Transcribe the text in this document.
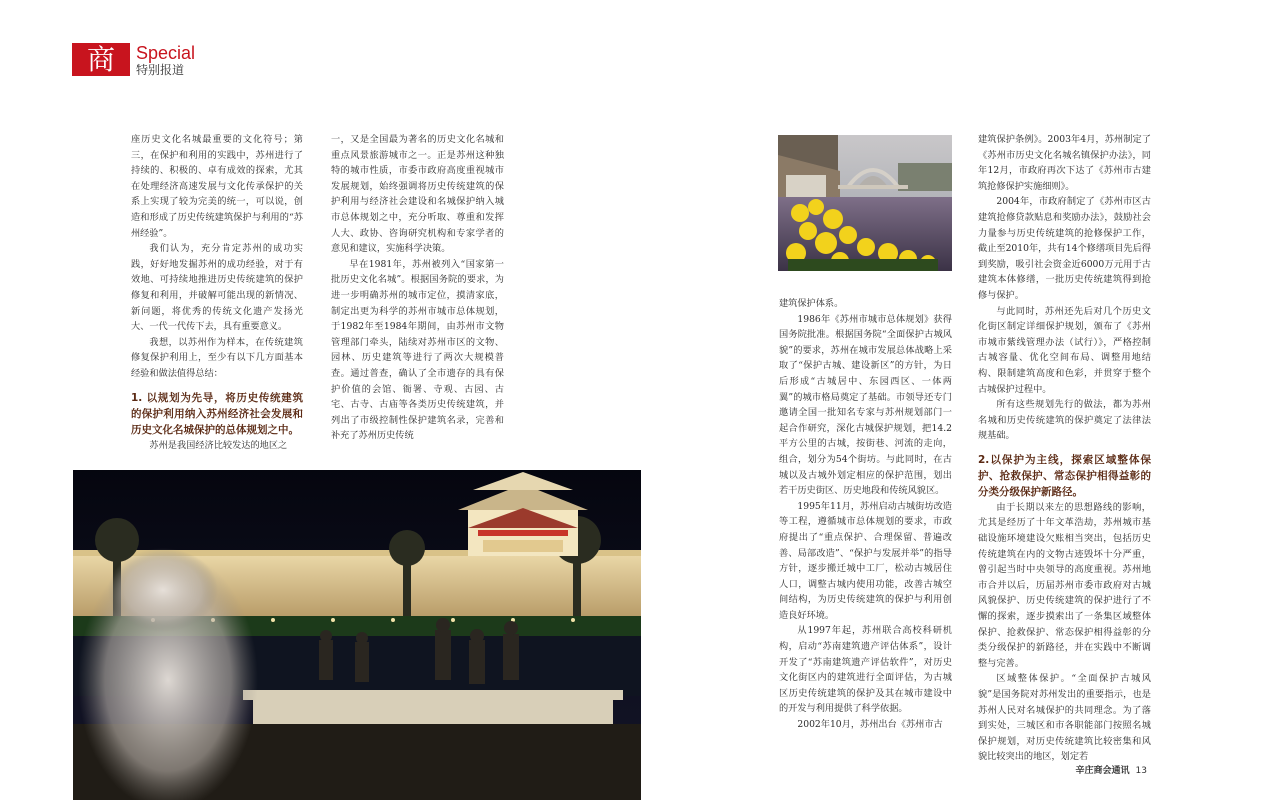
商 Special
特别报道

座历史文化名城最重要的文化符号；第三，在保护和利用的实践中，苏州进行了持续的、积极的、卓有成效的探索，尤其在处理经济高速发展与文化传承保护的关系上实现了较为完美的统一，可以说，创造和形成了历史传统建筑保护与利用的“苏州经验”。

我们认为，充分肯定苏州的成功实践，好好地发掘苏州的成功经验，对于有效地、可持续地推进历史传统建筑的保护修复和利用，并破解可能出现的新情况、新问题，将优秀的传统文化遗产发扬光大、一代一代传下去，具有重要意义。

我想，以苏州作为样本，在传统建筑修复保护利用上，至少有以下几方面基本经验和做法值得总结：

1. 以规划为先导，将历史传统建筑的保护利用纳入苏州经济社会发展和历史文化名城保护的总体规划之中。

苏州是我国经济比较发达的地区之

一，又是全国最为著名的历史文化名城和重点风景旅游城市之一。正是苏州这种独特的城市性质，市委市政府高度重视城市发展规划，始终强调将历史传统建筑的保护利用与经济社会建设和名城保护纳入城市总体规划之中，充分听取、尊重和发挥人大、政协、咨询研究机构和专家学者的意见和建议，实施科学决策。

早在1981年，苏州被列入“国家第一批历史文化名城”。根据国务院的要求，为进一步明确苏州的城市定位，摸清家底，制定出更为科学的苏州市城市总体规划，于1982年至1984年期间，由苏州市文物管理部门牵头，陆续对苏州市区的文物、园林、历史建筑等进行了两次大规模普查。通过普查，确认了全市遗存的具有保护价值的会馆、衙署、寺观、古园、古宅、古寺、古庙等各类历史传统建筑，并列出了市级控制性保护建筑名录，完善和补充了苏州历史传统

建筑保护体系。

1986年《苏州市城市总体规划》获得国务院批准。根据国务院“全面保护古城风貌”的要求，苏州在城市发展总体战略上采取了“保护古城、建设新区”的方针，为日后形成“古城居中、东园西区、一体两翼”的城市格局奠定了基础。市领导还专门邀请全国一批知名专家与苏州规划部门一起合作研究，深化古城保护规划，把14.2平方公里的古城，按街巷、河流的走向，组合，划分为54个街坊。与此同时，在古城以及古城外划定相应的保护范围，划出若干历史街区、历史地段和传统风貌区。

1995年11月，苏州启动古城街坊改造等工程，遵循城市总体规划的要求，市政府提出了“重点保护、合理保留、普遍改善、局部改造”、“保护与发展并举”的指导方针，逐步搬迁城中工厂，松动古城居住人口，调整古城内使用功能，改善古城空间结构，为历史传统建筑的保护与利用创造良好环境。

从1997年起，苏州联合高校科研机构，启动“苏南建筑遗产评估体系”，设计开发了“苏南建筑遗产评估软件”，对历史文化街区内的建筑进行全面评估，为古城区历史传统建筑的保护及其在城市建设中的开发与利用提供了科学依据。

2002年10月，苏州出台《苏州市古

建筑保护条例》。2003年4月，苏州制定了《苏州市历史文化名城名镇保护办法》，同年12月，市政府再次下达了《苏州市古建筑抢修保护实施细则》。

2004年，市政府制定了《苏州市区古建筑抢修贷款贴息和奖励办法》，鼓励社会力量参与历史传统建筑的抢修保护工作，截止至2010年，共有14个修缮项目先后得到奖励，吸引社会资金近6000万元用于古建筑本体修缮，一批历史传统建筑得到抢修与保护。

与此同时，苏州还先后对几个历史文化街区制定详细保护规划，颁布了《苏州市城市紫线管理办法（试行）》，严格控制古城容量、优化空间布局、调整用地结构、限制建筑高度和色彩，并贯穿于整个古城保护过程中。

所有这些规划先行的做法，都为苏州名城和历史传统建筑的保护奠定了法律法规基础。

2.以保护为主线，探索区域整体保护、抢救保护、常态保护相得益彰的分类分级保护新路径。

由于长期以来左的思想路线的影响，尤其是经历了十年文革浩劫，苏州城市基础设施环境建设欠账相当突出，包括历史传统建筑在内的文物古迹毁坏十分严重，曾引起当时中央领导的高度重视。苏州地市合并以后，历届苏州市委市政府对古城风貌保护、历史传统建筑的保护进行了不懈的探索，逐步摸索出了一条集区域整体保护、抢救保护、常态保护相得益彰的分类分级保护的新路径，并在实践中不断调整与完善。

区域整体保护。“全面保护古城风貌”是国务院对苏州发出的重要指示，也是苏州人民对名城保护的共同理念。为了落到实处，三城区和市各职能部门按照名城保护规划，对历史传统建筑比较密集和风貌比较突出的地区，划定若

辛庄商会通讯 13
